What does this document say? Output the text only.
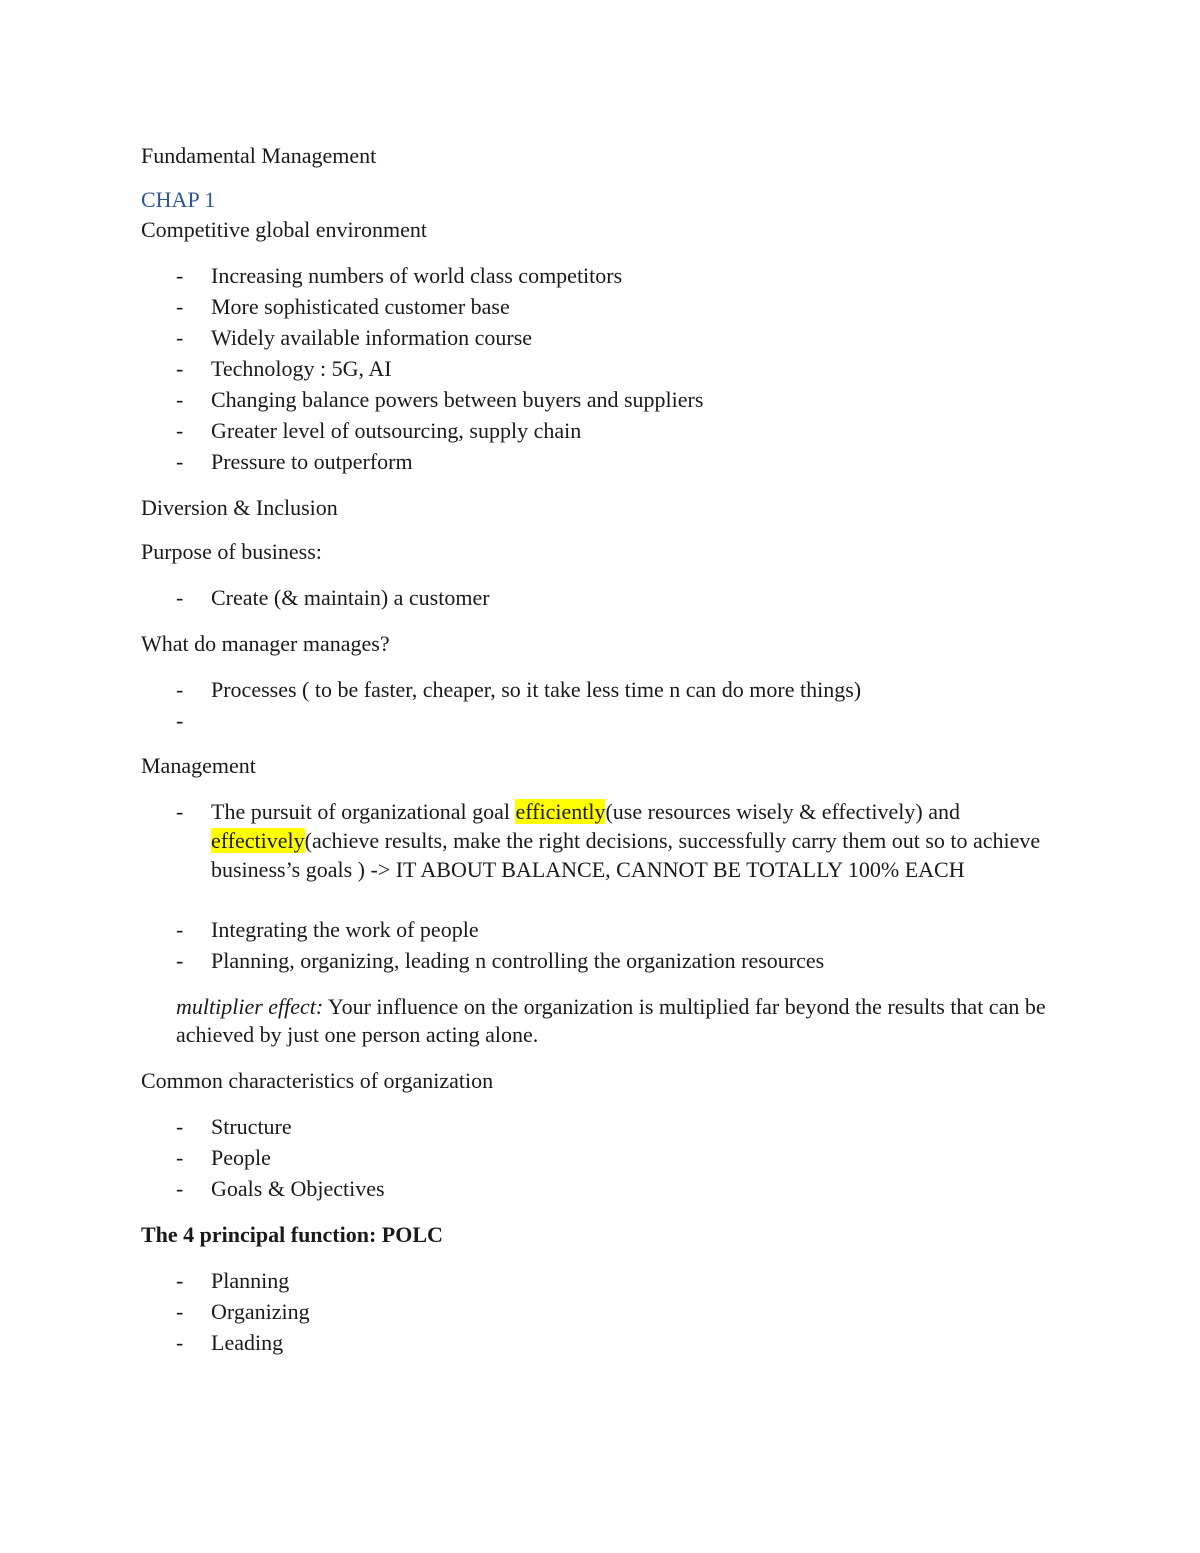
Fundamental Management

CHAP 1

Competitive global environment

- Increasing numbers of world class competitors
- More sophisticated customer base
- Widely available information course
- Technology : 5G, AI
- Changing balance powers between buyers and suppliers
- Greater level of outsourcing, supply chain
- Pressure to outperform

Diversion & Inclusion

Purpose of business:

- Create (& maintain) a customer

What do manager manages?

- Processes ( to be faster, cheaper, so it take less time n can do more things)
-

Management

- The pursuit of organizational goal efficiently(use resources wisely & effectively) and effectively(achieve results, make the right decisions, successfully carry them out so to achieve business’s goals ) -> IT ABOUT BALANCE, CANNOT BE TOTALLY 100% EACH
- Integrating the work of people
- Planning, organizing, leading n controlling the organization resources

multiplier effect: Your influence on the organization is multiplied far beyond the results that can be achieved by just one person acting alone.

Common characteristics of organization

- Structure
- People
- Goals & Objectives

The 4 principal function: POLC

- Planning
- Organizing
- Leading
